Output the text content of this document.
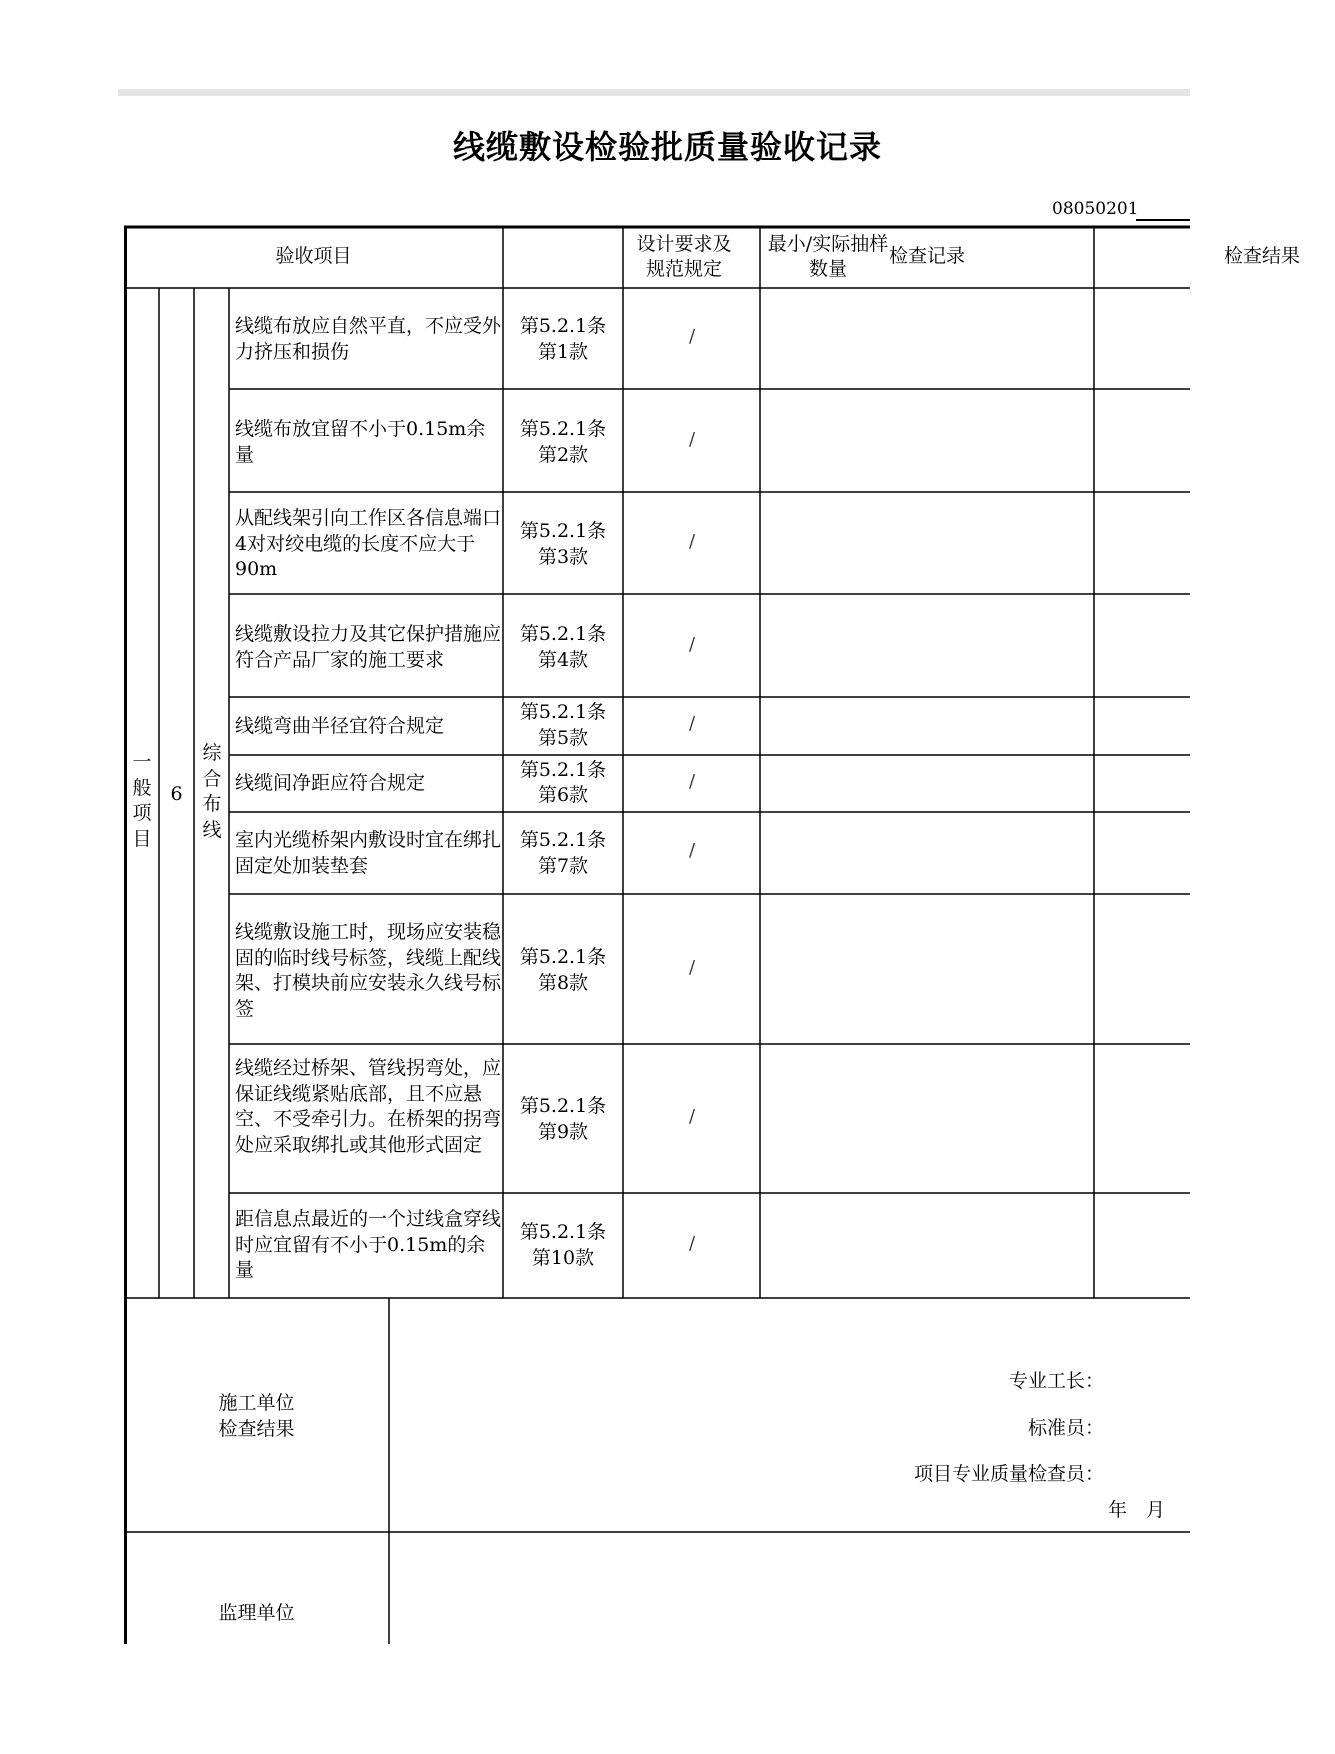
线缆敷设检验批质量验收记录
08050201
验收项目
设计要求及规范规定
最小/实际抽样数量
检查记录	检查结果
一般项目
6
综合布线
线缆布放应自然平直，不应受外力挤压和损伤
第5.2.1条
第1款
/
线缆布放宜留不小于0.15m余量
第5.2.1条
第2款
/
从配线架引向工作区各信息端口4对对绞电缆的长度不应大于90m
第5.2.1条
第3款
/
线缆敷设拉力及其它保护措施应符合产品厂家的施工要求
第5.2.1条
第4款
/
线缆弯曲半径宜符合规定
第5.2.1条
第5款
/
线缆间净距应符合规定
第5.2.1条
第6款
/
室内光缆桥架内敷设时宜在绑扎固定处加装垫套
第5.2.1条
第7款
/
线缆敷设施工时，现场应安装稳固的临时线号标签，线缆上配线架、打模块前应安装永久线号标签
第5.2.1条
第8款
/
线缆经过桥架、管线拐弯处，应保证线缆紧贴底部，且不应悬空、不受牵引力。在桥架的拐弯处应采取绑扎或其他形式固定
第5.2.1条
第9款
/
距信息点最近的一个过线盒穿线时应宜留有不小于0.15m的余量
第5.2.1条
第10款
/
施工单位
检查结果
专业工长：
标准员：
项目专业质量检查员：
年　月
监理单位
